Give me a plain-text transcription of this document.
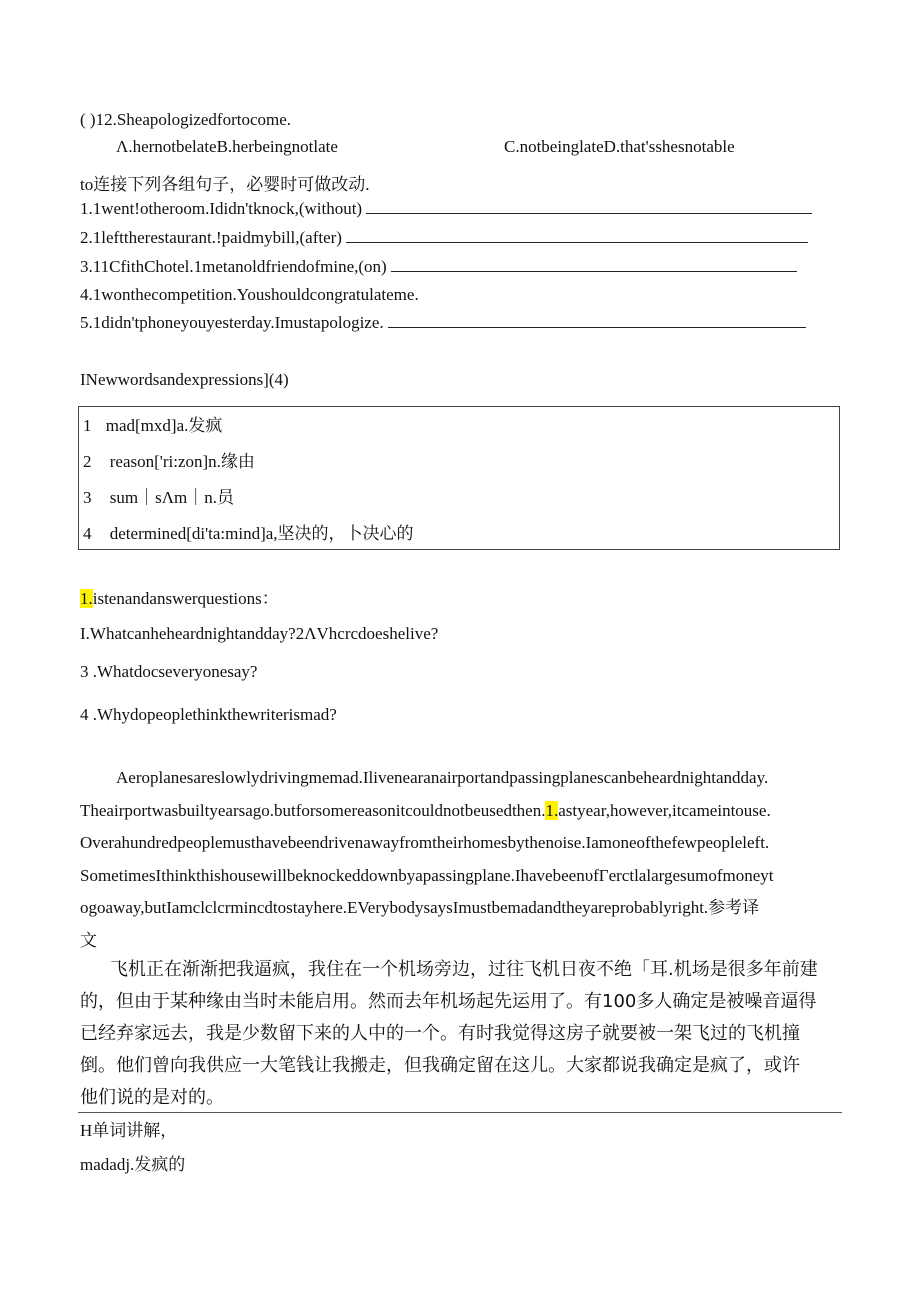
( )12.Sheapologizedfortocome.
Λ.hernotbelateB.herbeingnotlate	C.notbeinglateD.that'sshesnotable
to连接下列各组句子，必婴时可做改动.
1.1went!otheroom.Ididn'tknock,(without)
2.1lefttherestaurant.!paidmybill,(after)
3.11CfithChotel.1metanoldfriendofmine,(on)
4.1wonthecompetition.Youshouldcongratulateme.
5.1didn'tphoneyouyesterday.Imustapologize.
INewwordsandexpressions](4)
1 mad[mxd]a.发疯
2 reason['ri:zon]n.缘由
3 sum｜sΛm｜n.员
4 determined[di'ta:mind]a,坚决的，卜决心的
1.istenandanswerquestions：
I.Whatcanheheardnightandday?2ΛVhcrcdoeshelive?
3 .Whatdocseveryonesay?
4 .Whydopeoplethinkthewriterismad?
Aeroplanesareslowlydrivingmemad.Ilivenearanairportandpassingplanescanbeheardnightandday.
Theairportwasbuiltyearsago.butforsomereasonitcouldnotbeusedthen.1.astyear,however,itcameintouse.
Overahundredpeoplemusthavebeendrivenawayfromtheirhomesbythenoise.Iamoneofthefewpeopleleft.
SometimesIthinkthishousewillbeknockeddownbyapassingplane.IhavebeenυfΓerctlalargesumofmoneyt
ogoaway,butIamclclcrmincdtostayhere.EVerybodysaysImustbemadandtheyareprobablyright.参考译
文
飞机正在渐渐把我逼疯，我住在一个机场旁边，过往飞机日夜不绝「耳.机场是很多年前建
的，但由于某种缘由当时未能启用。然而去年机场起先运用了。有100多人确定是被噪音逼得
已经弃家远去，我是少数留下来的人中的一个。有时我觉得这房子就要被一架飞过的飞机撞
倒。他们曾向我供应一大笔钱让我搬走，但我确定留在这儿。大家都说我确定是疯了，或许
他们说的是对的。
H单词讲解，
madadj.发疯的
